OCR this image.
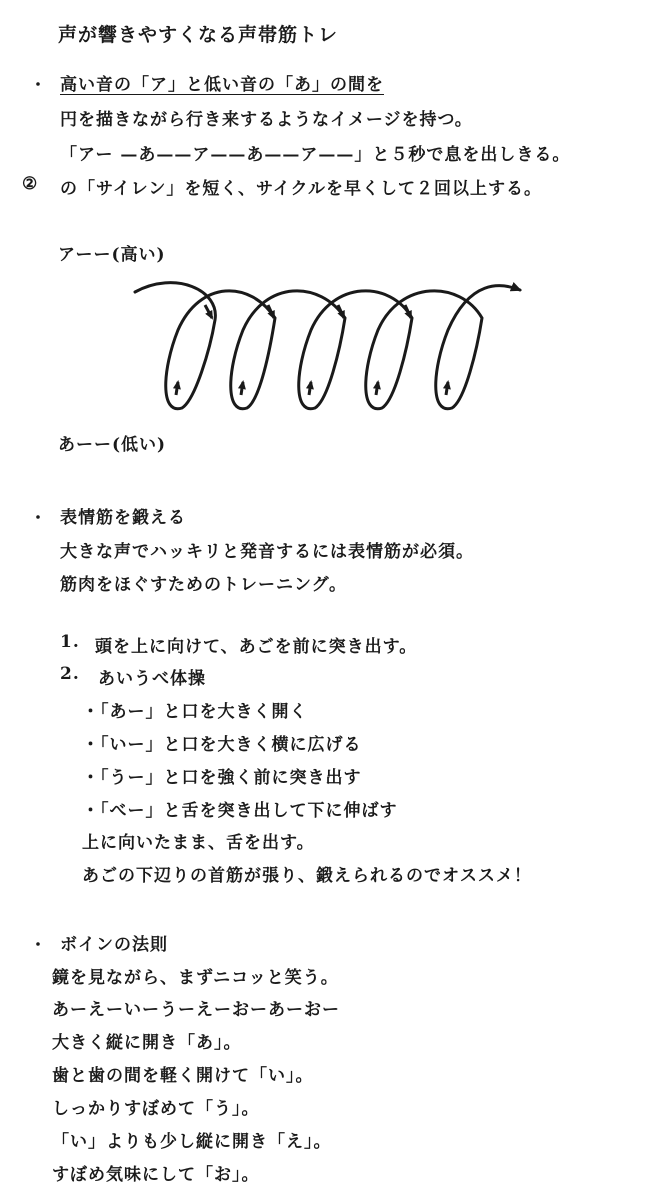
声が響きやすくなる声帯筋トレ
・ 高い音の「ア」と低い音の「あ」の間を
円を描きながら行き来するようなイメージを持つ。
「アー —あ——ア——あ——ア——」と５秒で息を出しきる。
② の「サイレン」を短く、サイクルを早くして２回以上する。
アーー(高い)
あーー(低い)
・ 表情筋を鍛える
大きな声でハッキリと発音するには表情筋が必須。
筋肉をほぐすためのトレーニング。
1. 頭を上に向けて、あごを前に突き出す。
2. あいうべ体操
・「あー」と口を大きく開く
・「いー」と口を大きく横に広げる
・「うー」と口を強く前に突き出す
・「べー」と舌を突き出して下に伸ばす
上に向いたまま、舌を出す。
あごの下辺りの首筋が張り、鍛えられるのでオススメ！
・ ボインの法則
鏡を見ながら、まずニコッと笑う。
あーえーいーうーえーおーあーおー
大きく縦に開き「あ」。
歯と歯の間を軽く開けて「い」。
しっかりすぼめて「う」。
「い」よりも少し縦に開き「え」。
すぼめ気味にして「お」。
